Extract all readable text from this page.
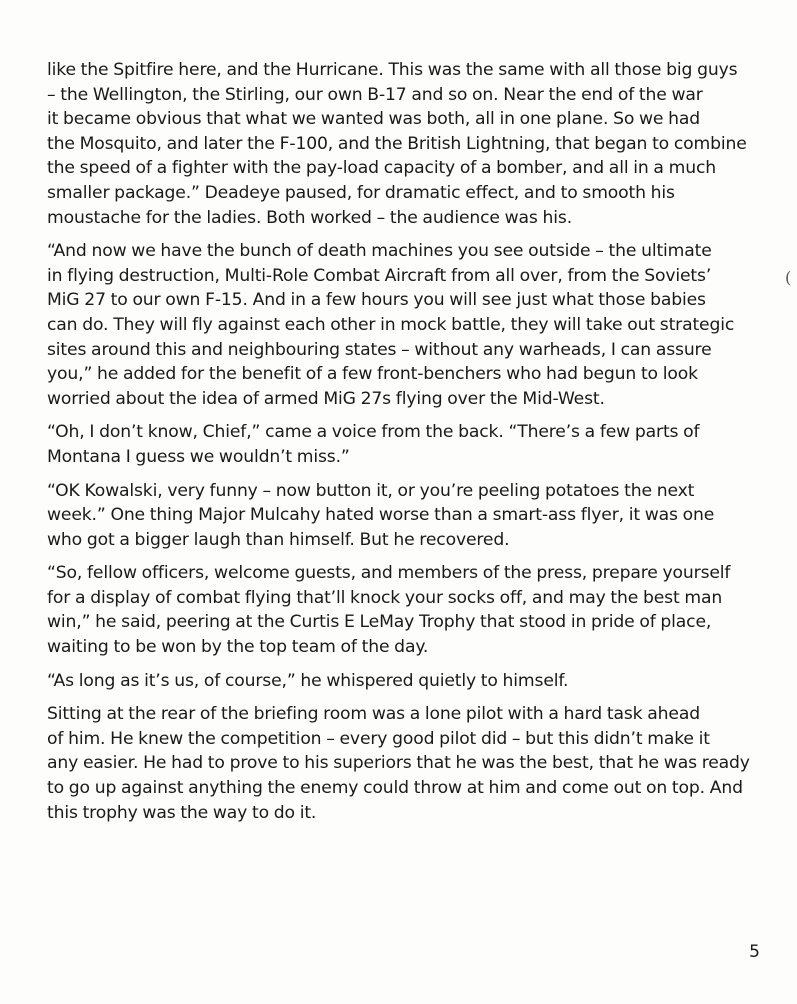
like the Spitfire here, and the Hurricane. This was the same with all those big guys
– the Wellington, the Stirling, our own B-17 and so on. Near the end of the war
it became obvious that what we wanted was both, all in one plane. So we had
the Mosquito, and later the F-100, and the British Lightning, that began to combine
the speed of a fighter with the pay-load capacity of a bomber, and all in a much
smaller package.” Deadeye paused, for dramatic effect, and to smooth his
moustache for the ladies. Both worked – the audience was his.
“And now we have the bunch of death machines you see outside – the ultimate
in flying destruction, Multi-Role Combat Aircraft from all over, from the Soviets’
MiG 27 to our own F-15. And in a few hours you will see just what those babies
can do. They will fly against each other in mock battle, they will take out strategic
sites around this and neighbouring states – without any warheads, I can assure
you,” he added for the benefit of a few front-benchers who had begun to look
worried about the idea of armed MiG 27s flying over the Mid-West.
“Oh, I don’t know, Chief,” came a voice from the back. “There’s a few parts of
Montana I guess we wouldn’t miss.”
“OK Kowalski, very funny – now button it, or you’re peeling potatoes the next
week.” One thing Major Mulcahy hated worse than a smart-ass flyer, it was one
who got a bigger laugh than himself. But he recovered.
“So, fellow officers, welcome guests, and members of the press, prepare yourself
for a display of combat flying that’ll knock your socks off, and may the best man
win,” he said, peering at the Curtis E LeMay Trophy that stood in pride of place,
waiting to be won by the top team of the day.
“As long as it’s us, of course,” he whispered quietly to himself.
Sitting at the rear of the briefing room was a lone pilot with a hard task ahead
of him. He knew the competition – every good pilot did – but this didn’t make it
any easier. He had to prove to his superiors that he was the best, that he was ready
to go up against anything the enemy could throw at him and come out on top. And
this trophy was the way to do it.
(
5
